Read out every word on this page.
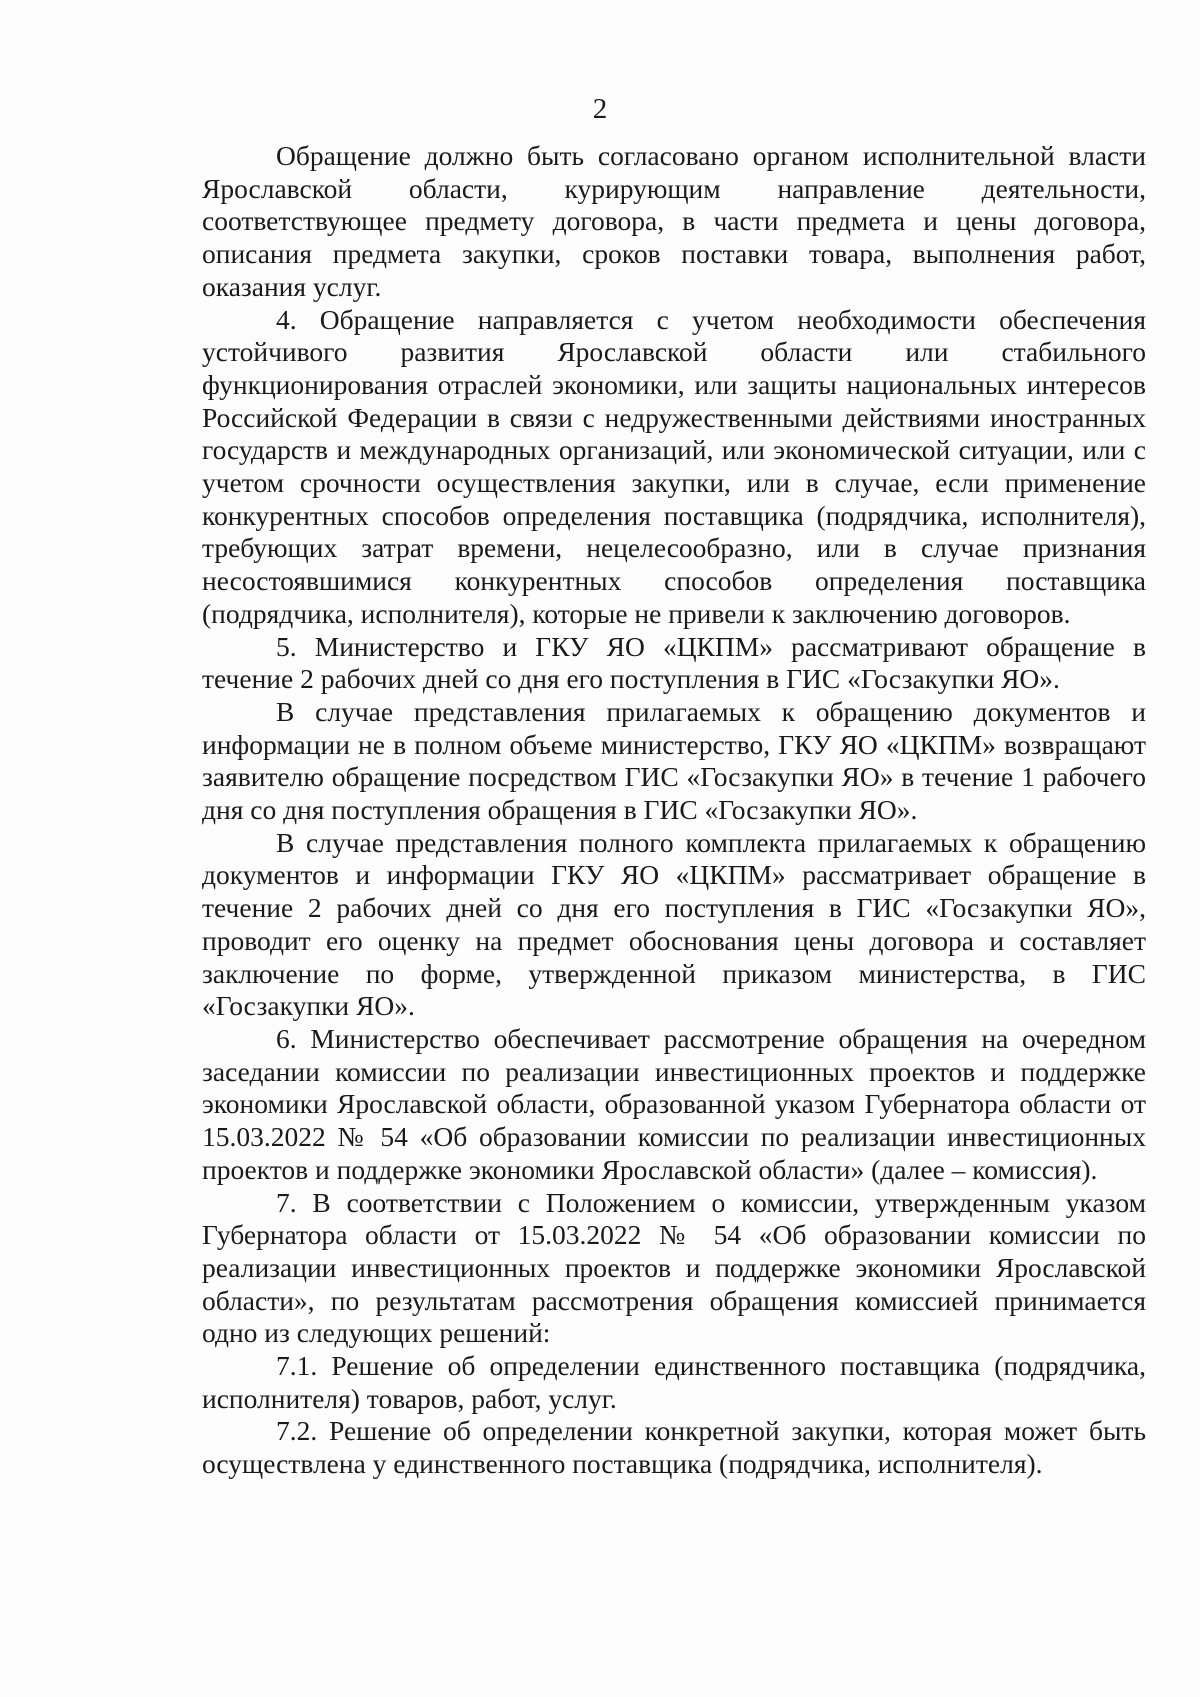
2

Обращение должно быть согласовано органом исполнительной власти Ярославской области, курирующим направление деятельности, соответствующее предмету договора, в части предмета и цены договора, описания предмета закупки, сроков поставки товара, выполнения работ, оказания услуг.

4. Обращение направляется с учетом необходимости обеспечения устойчивого развития Ярославской области или стабильного функционирования отраслей экономики, или защиты национальных интересов Российской Федерации в связи с недружественными действиями иностранных государств и международных организаций, или экономической ситуации, или с учетом срочности осуществления закупки, или в случае, если применение конкурентных способов определения поставщика (подрядчика, исполнителя), требующих затрат времени, нецелесообразно, или в случае признания несостоявшимися конкурентных способов определения поставщика (подрядчика, исполнителя), которые не привели к заключению договоров.

5. Министерство и ГКУ ЯО «ЦКПМ» рассматривают обращение в течение 2 рабочих дней со дня его поступления в ГИС «Госзакупки ЯО».

В случае представления прилагаемых к обращению документов и информации не в полном объеме министерство, ГКУ ЯО «ЦКПМ» возвращают заявителю обращение посредством ГИС «Госзакупки ЯО» в течение 1 рабочего дня со дня поступления обращения в ГИС «Госзакупки ЯО».

В случае представления полного комплекта прилагаемых к обращению документов и информации ГКУ ЯО «ЦКПМ» рассматривает обращение в течение 2 рабочих дней со дня его поступления в ГИС «Госзакупки ЯО», проводит его оценку на предмет обоснования цены договора и составляет заключение по форме, утвержденной приказом министерства, в ГИС «Госзакупки ЯО».

6. Министерство обеспечивает рассмотрение обращения на очередном заседании комиссии по реализации инвестиционных проектов и поддержке экономики Ярославской области, образованной указом Губернатора области от 15.03.2022 № 54 «Об образовании комиссии по реализации инвестиционных проектов и поддержке экономики Ярославской области» (далее – комиссия).

7. В соответствии с Положением о комиссии, утвержденным указом Губернатора области от 15.03.2022 № 54 «Об образовании комиссии по реализации инвестиционных проектов и поддержке экономики Ярославской области», по результатам рассмотрения обращения комиссией принимается одно из следующих решений:

7.1. Решение об определении единственного поставщика (подрядчика, исполнителя) товаров, работ, услуг.

7.2. Решение об определении конкретной закупки, которая может быть осуществлена у единственного поставщика (подрядчика, исполнителя).
